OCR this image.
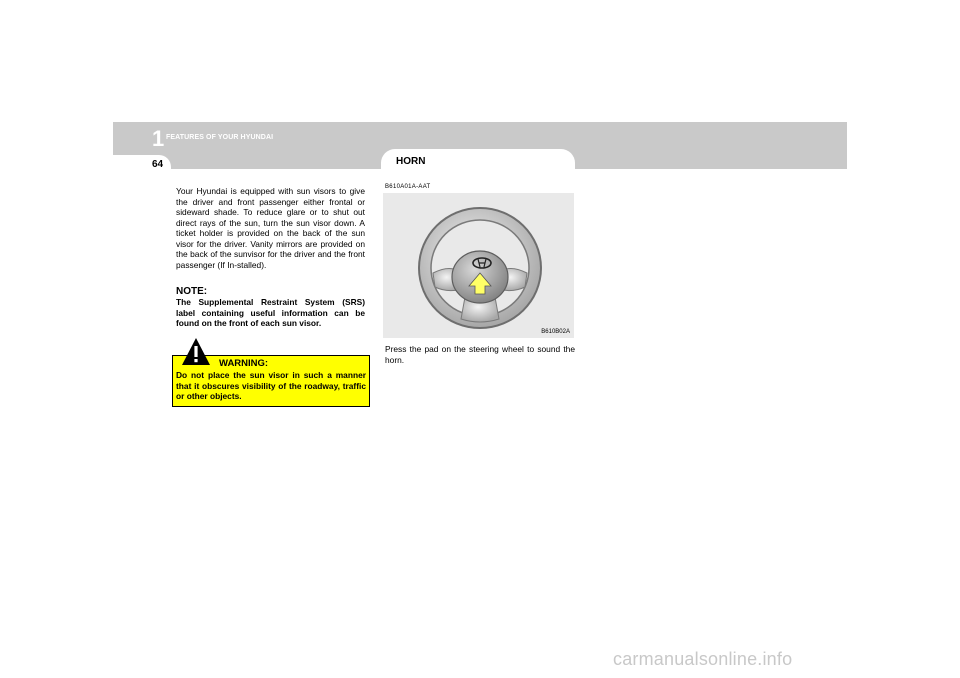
1 FEATURES OF YOUR HYUNDAI
64	HORN

Your Hyundai is equipped with sun visors to give the driver and front passenger either frontal or sideward shade. To reduce glare or to shut out direct rays of the sun, turn the sun visor down. A ticket holder is provided on the back of the sun visor for the driver. Vanity mirrors are provided on the back of the sunvisor for the driver and the front passenger (If In-stalled).

NOTE:

The Supplemental Restraint System (SRS) label containing useful information can be found on the front of each sun visor.

WARNING:

Do not place the sun visor in such a manner that it obscures visibility of the roadway, traffic or other objects.

B610A01A-AAT
B610B02A

Press the pad on the steering wheel to sound the horn.

carmanualsonline.info
